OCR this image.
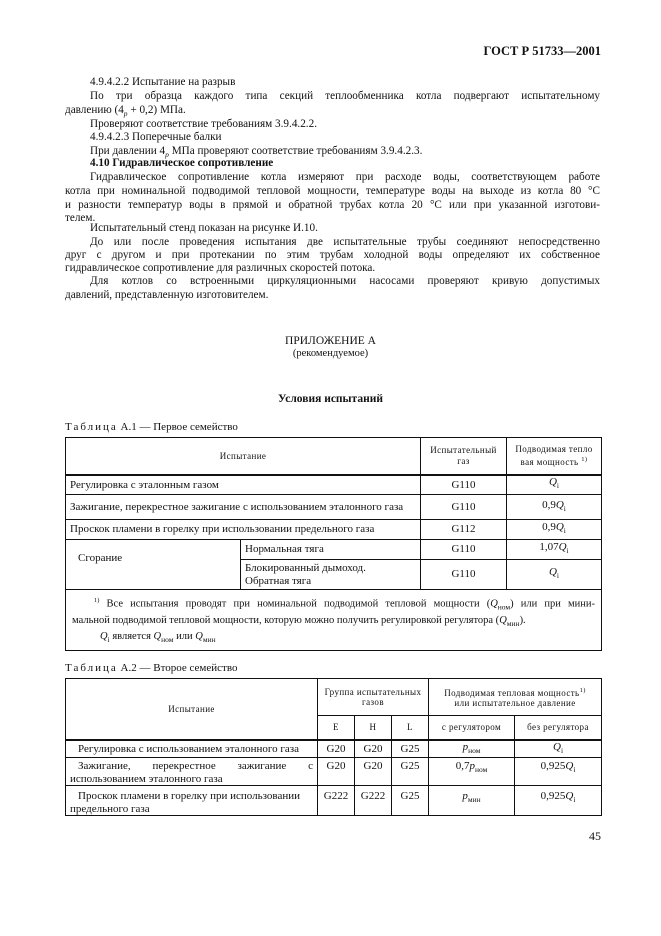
ГОСТ Р 51733—2001
4.9.4.2.2 Испытание на разрыв
По три образца каждого типа секций теплообменника котла подвергают испытательному
давлению $(4_р + 0,2)$ МПа.
Проверяют соответствие требованиям 3.9.4.2.2.
4.9.4.2.3 Поперечные балки
При давлении $4_р$ МПа проверяют соответствие требованиям 3.9.4.2.3.
4.10 Гидравлическое сопротивление
Гидравлическое сопротивление котла измеряют при расходе воды, соответствующем работе
котла при номинальной подводимой тепловой мощности, температуре воды на выходе из котла 80 °С
и разности температур воды в прямой и обратной трубах котла 20 °С или при указанной изготови-
телем.
Испытательный стенд показан на рисунке И.10.
До или после проведения испытания две испытательные трубы соединяют непосредственно
друг с другом и при протекании по этим трубам холодной воды определяют их собственное
гидравлическое сопротивление для различных скоростей потока.
Для котлов со встроенными циркуляционными насосами проверяют кривую допустимых
давлений, представленную изготовителем.
ПРИЛОЖЕНИЕ А
(рекомендуемое)
Условия испытаний
Таблица А.1 — Первое семейство
Испытание		Испытательный
газ	Подводимая тепло
вая мощность $^{1)}$
Регулировка с эталонным газом		G110	$Q_i$
Зажигание, перекрестное зажигание с использованием эталонного газа		G110	$0,9Q_i$
Проскок пламени в горелку при использовании предельного газа		G112	$0,9Q_i$
Сгорание	Нормальная тяга	G110	$1,07Q_i$
	Блокированный дымоход.
Обратная тяга	G110	$Q_i$

$^{1)}$ Все испытания проводят при номинальной подводимой тепловой мощности $(Q_{ном})$ или при мини-
мальной подводимой тепловой мощности, которую можно получить регулировкой регулятора $(Q_{мин})$.
$Q_i$ является $Q_{ном}$ или $Q_{мин}$
Таблица А.2 — Второе семейство
Испытание	Группа испытательных
газов			Подводимая тепловая мощность$^{1)}$
или испытательное давление	
	E	H	L	с регулятором	без регулятора
Регулировка с использованием эталонного газа	G20	G20	G25	$p_{ном}$	$Q_i$

Зажигание, перекрестное зажигание с
использованием эталонного газа	G20	G20	G25	$0,7p_{ном}$	$0,925Q_i$

Проскок пламени в горелку при использовании
предельного газа	G222	G222	G25	$p_{мин}$	$0,925Q_i$
45
